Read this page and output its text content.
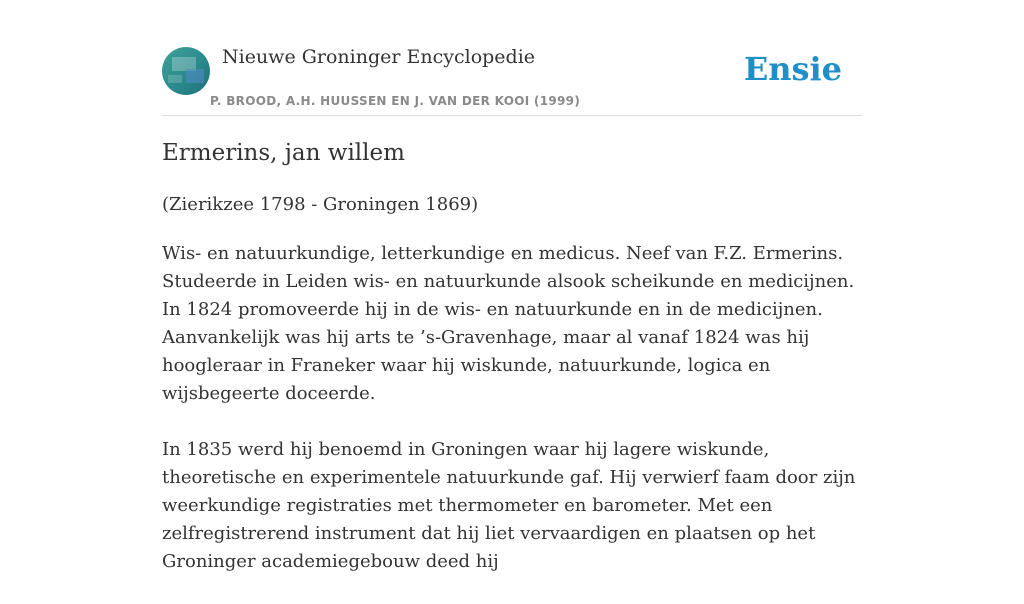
Nieuwe Groninger Encyclopedie
P. BROOD, A.H. HUUSSEN EN J. VAN DER KOOI (1999)
Ensie
Ermerins, jan willem
(Zierikzee 1798 - Groningen 1869)

Wis- en natuurkundige, letterkundige en medicus. Neef van F.Z. Ermerins. Studeerde in Leiden wis- en natuurkunde alsook scheikunde en medicijnen. In 1824 promoveerde hij in de wis- en natuurkunde en in de medicijnen. Aanvankelijk was hij arts te ’s-Gravenhage, maar al vanaf 1824 was hij hoogleraar in Franeker waar hij wiskunde, natuurkunde, logica en wijsbegeerte doceerde.

In 1835 werd hij benoemd in Groningen waar hij lagere wiskunde, theoretische en experimentele natuurkunde gaf. Hij verwierf faam door zijn weerkundige registraties met thermometer en barometer. Met een zelfregistrerend instrument dat hij liet vervaardigen en plaatsen op het Groninger academiegebouw deed hij
